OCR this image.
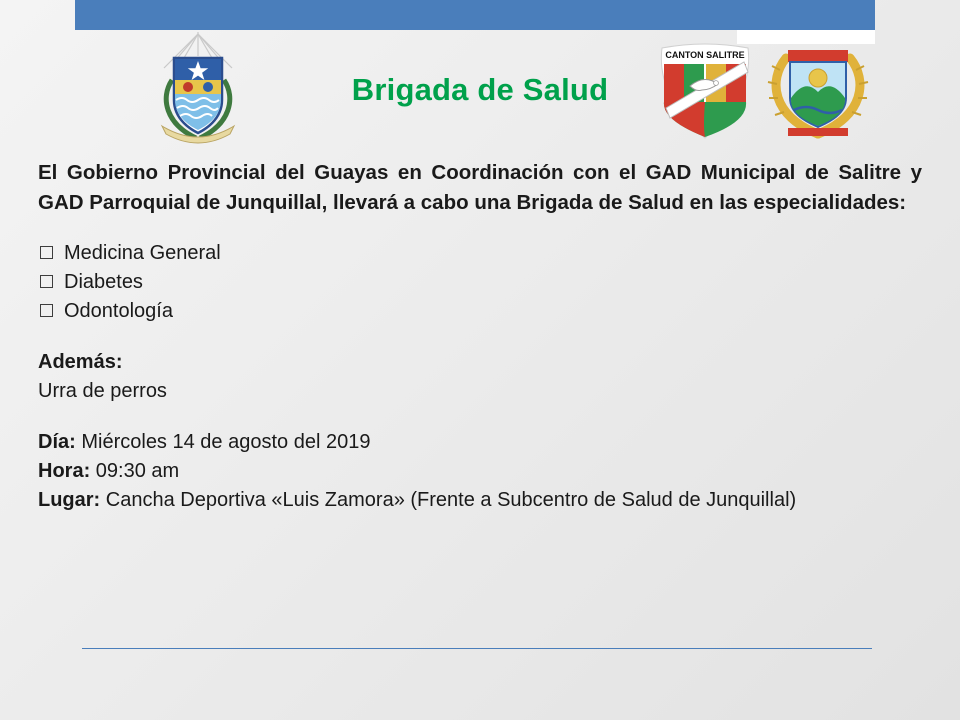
CANTON SALITRE
Brigada de Salud

El Gobierno Provincial del Guayas en Coordinación con el GAD Municipal de Salitre y GAD Parroquial de Junquillal, llevará a cabo una Brigada de Salud en las especialidades:

Medicina General
Diabetes
Odontología

Además:

Urra de perros

Día: Miércoles 14 de agosto del 2019

Hora: 09:30 am

Lugar: Cancha Deportiva «Luis Zamora» (Frente a Subcentro de Salud de Junquillal)
